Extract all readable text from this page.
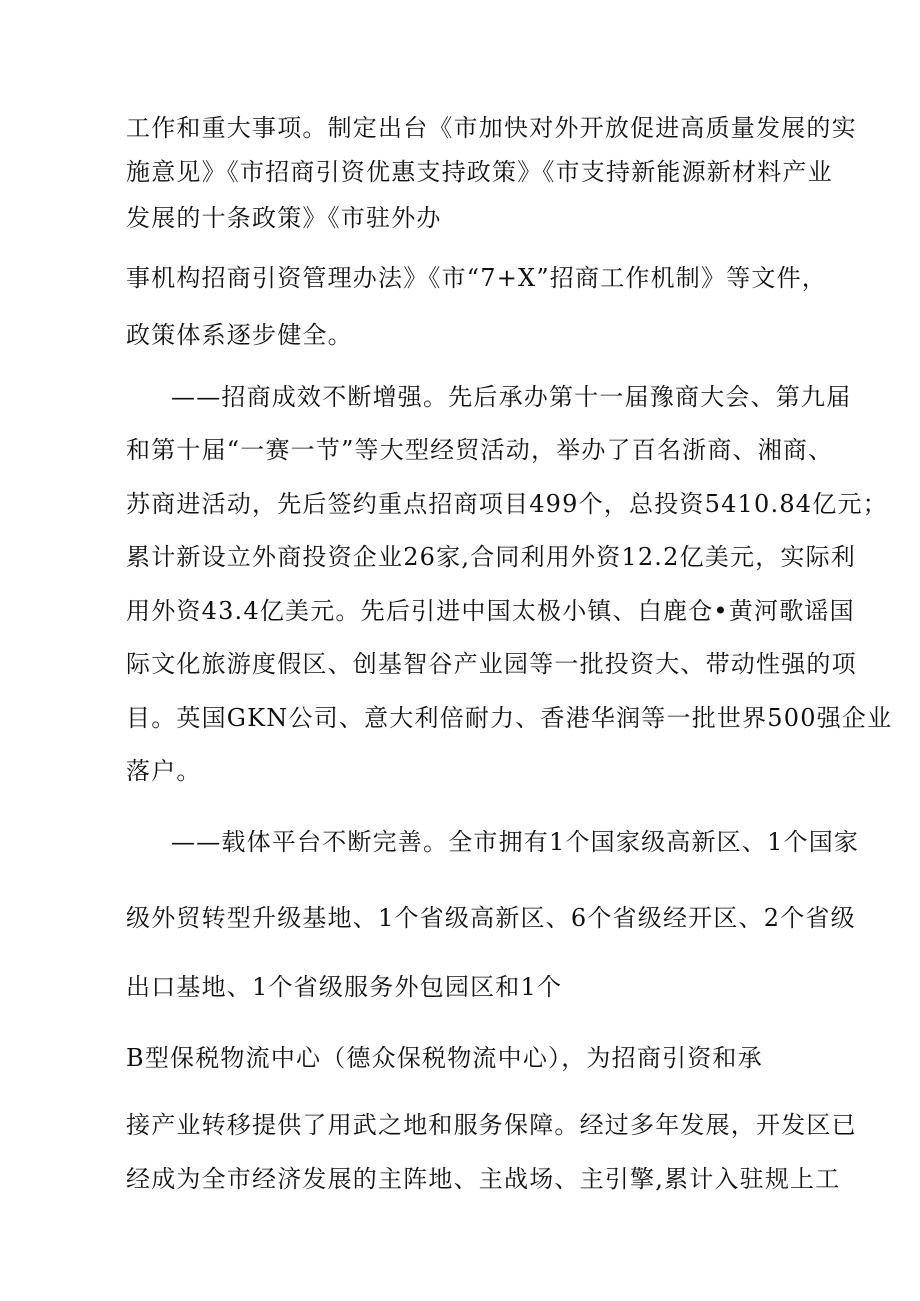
工作和重大事项。制定出台《市加快对外开放促进高质量发展的实
施意见》《市招商引资优惠支持政策》《市支持新能源新材料产业
发展的十条政策》《市驻外办
事机构招商引资管理办法》《市“7+X”招商工作机制》等文件，
政策体系逐步健全。
——招商成效不断增强。先后承办第十一届豫商大会、第九届
和第十届“一赛一节”等大型经贸活动，举办了百名浙商、湘商、
苏商进活动，先后签约重点招商项目499个，总投资5410.84亿元；
累计新设立外商投资企业26家,合同利用外资12.2亿美元，实际利
用外资43.4亿美元。先后引进中国太极小镇、白鹿仓•黄河歌谣国
际文化旅游度假区、创基智谷产业园等一批投资大、带动性强的项
目。英国GKN公司、意大利倍耐力、香港华润等一批世界500强企业
落户。
——载体平台不断完善。全市拥有1个国家级高新区、1个国家
级外贸转型升级基地、1个省级高新区、6个省级经开区、2个省级
出口基地、1个省级服务外包园区和1个
B型保税物流中心（德众保税物流中心），为招商引资和承
接产业转移提供了用武之地和服务保障。经过多年发展，开发区已
经成为全市经济发展的主阵地、主战场、主引擎,累计入驻规上工
